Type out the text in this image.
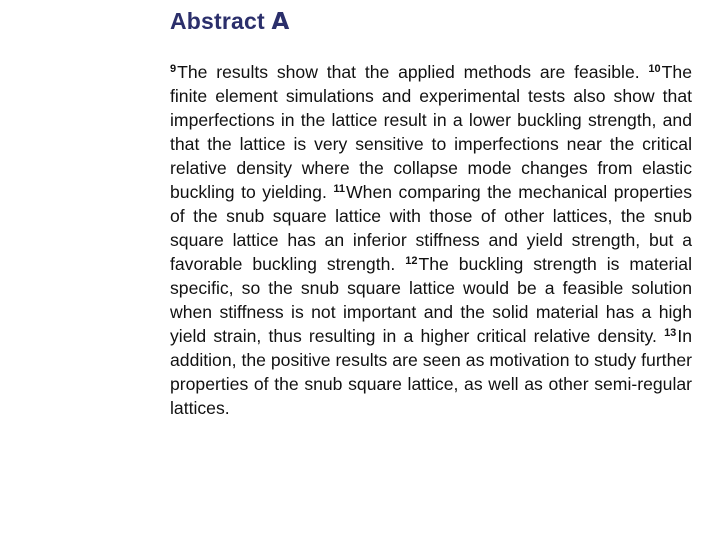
Abstract A

$^9$The results show that the applied methods are feasible. $^{10}$The finite element simulations and experimental tests also show that imperfections in the lattice result in a lower buckling strength, and that the lattice is very sensitive to imperfections near the critical relative density where the collapse mode changes from elastic buckling to yielding. $^{11}$When comparing the mechanical properties of the snub square lattice with those of other lattices, the snub square lattice has an inferior stiffness and yield strength, but a favorable buckling strength. $^{12}$The buckling strength is material specific, so the snub square lattice would be a feasible solution when stiffness is not important and the solid material has a high yield strain, thus resulting in a higher critical relative density. $^{13}$In addition, the positive results are seen as motivation to study further properties of the snub square lattice, as well as other semi-regular lattices.
